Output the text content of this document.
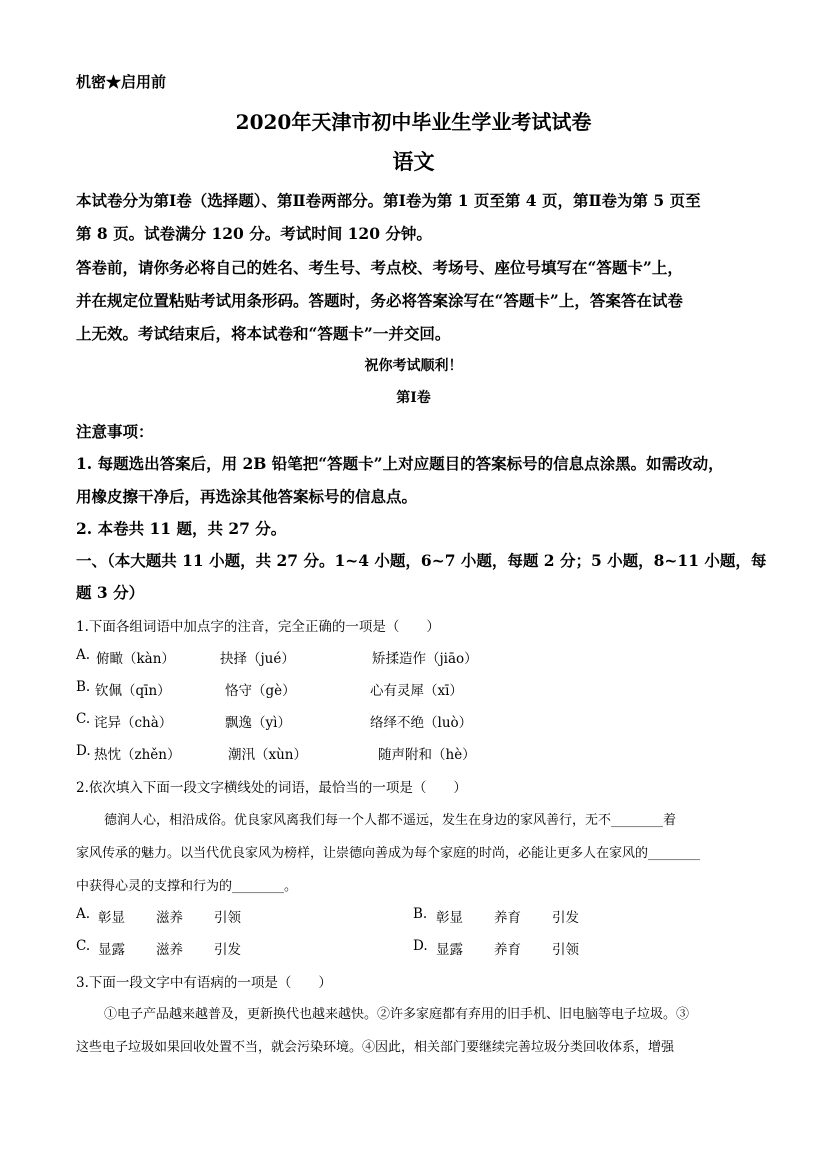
机密★启用前
2020年天津市初中毕业生学业考试试卷
语文
本试卷分为第Ⅰ卷（选择题）、第Ⅱ卷两部分。第Ⅰ卷为第 1 页至第 4 页，第Ⅱ卷为第 5 页至
第 8 页。试卷满分 120 分。考试时间 120 分钟。
答卷前，请你务必将自己的姓名、考生号、考点校、考场号、座位号填写在“答题卡”上，
并在规定位置粘贴考试用条形码。答题时，务必将答案涂写在“答题卡”上，答案答在试卷
上无效。考试结束后，将本试卷和“答题卡”一并交回。
祝你考试顺利！
第Ⅰ卷
注意事项：
1. 每题选出答案后，用 2B 铅笔把“答题卡”上对应题目的答案标号的信息点涂黑。如需改动，
用橡皮擦干净后，再选涂其他答案标号的信息点。
2. 本卷共 11 题，共 27 分。
一、（本大题共 11 小题，共 27 分。1~4 小题，6~7 小题，每题 2 分；5 小题，8~11 小题，每
题 3 分）
1.下面各组词语中加点字的注音，完全正确的一项是（　　）
A. 俯瞰（kàn）	抉择（jué）	矫揉造作（jiāo）
B. 钦佩（qīn）	恪守（gè）	心有灵犀（xī）
C. 诧异（chà）	飘逸（yì）	络绎不绝（luò）
D. 热忱（zhěn）	潮汛（xùn）	随声附和（hè）
2.依次填入下面一段文字横线处的词语，最恰当的一项是（　　）
德润人心，相沿成俗。优良家风离我们每一个人都不遥远，发生在身边的家风善行，无不________着
家风传承的魅力。以当代优良家风为榜样，让崇德向善成为每个家庭的时尚，必能让更多人在家风的________
中获得心灵的支撑和行为的________。
A. 彰显 滋养 引领	B. 彰显 养育 引发
C. 显露 滋养 引发	D. 显露 养育 引领
3.下面一段文字中有语病的一项是（　　）
①电子产品越来越普及，更新换代也越来越快。②许多家庭都有弃用的旧手机、旧电脑等电子垃圾。③
这些电子垃圾如果回收处置不当，就会污染环境。④因此，相关部门要继续完善垃圾分类回收体系，增强
